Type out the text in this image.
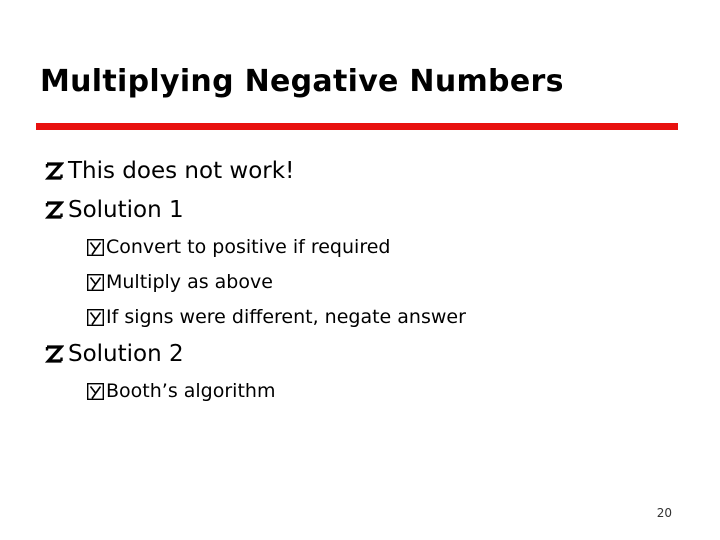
Multiplying Negative Numbers
This does not work!
Solution 1
Convert to positive if required
Multiply as above
If signs were different, negate answer
Solution 2
Booth’s algorithm
20
